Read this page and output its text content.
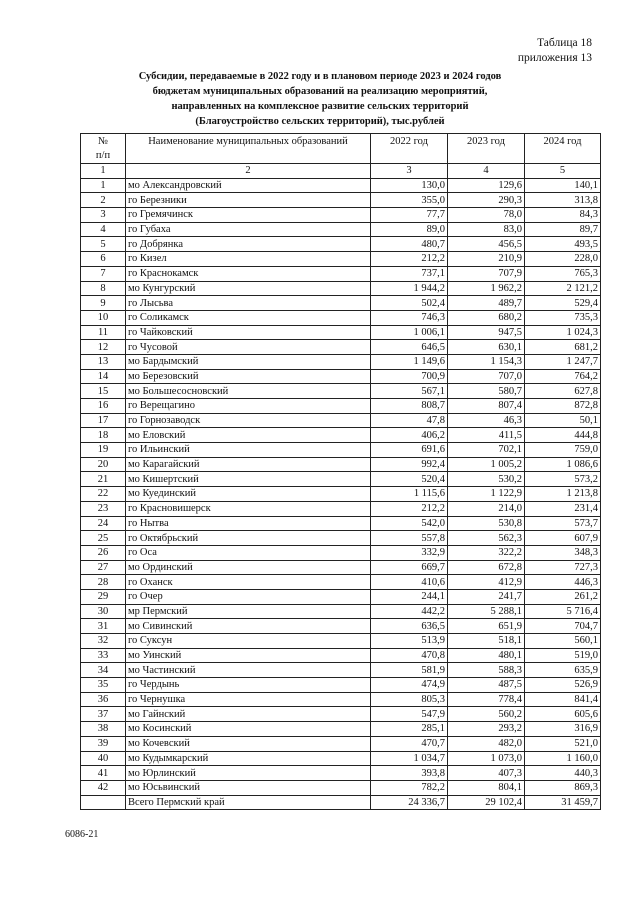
Таблица 18
приложения 13
Субсидии, передаваемые в 2022 году и в плановом периоде 2023 и 2024 годов
бюджетам муниципальных образований на реализацию мероприятий,
направленных на комплексное развитие сельских территорий
(Благоустройство сельских территорий), тыс.рублей
№
п/п	Наименование муниципальных образований	2022 год	2023 год	2024 год
1	2	3	4	5
1	мо Александровский	130,0	129,6	140,1
2	го Березники	355,0	290,3	313,8
3	го Гремячинск	77,7	78,0	84,3
4	го Губаха	89,0	83,0	89,7
5	го Добрянка	480,7	456,5	493,5
6	го Кизел	212,2	210,9	228,0
7	го Краснокамск	737,1	707,9	765,3
8	мо Кунгурский	1 944,2	1 962,2	2 121,2
9	го Лысьва	502,4	489,7	529,4
10	го Соликамск	746,3	680,2	735,3
11	го Чайковский	1 006,1	947,5	1 024,3
12	го Чусовой	646,5	630,1	681,2
13	мо Бардымский	1 149,6	1 154,3	1 247,7
14	мо Березовский	700,9	707,0	764,2
15	мо Большесосновский	567,1	580,7	627,8
16	го Верещагино	808,7	807,4	872,8
17	го Горнозаводск	47,8	46,3	50,1
18	мо Еловский	406,2	411,5	444,8
19	го Ильинский	691,6	702,1	759,0
20	мо Карагайский	992,4	1 005,2	1 086,6
21	мо Кишертский	520,4	530,2	573,2
22	мо Куединский	1 115,6	1 122,9	1 213,8
23	го Красновишерск	212,2	214,0	231,4
24	го Нытва	542,0	530,8	573,7
25	го Октябрьский	557,8	562,3	607,9
26	го Оса	332,9	322,2	348,3
27	мо Ординский	669,7	672,8	727,3
28	го Оханск	410,6	412,9	446,3
29	го Очер	244,1	241,7	261,2
30	мр Пермский	442,2	5 288,1	5 716,4
31	мо Сивинский	636,5	651,9	704,7
32	го Суксун	513,9	518,1	560,1
33	мо Уинский	470,8	480,1	519,0
34	мо Частинский	581,9	588,3	635,9
35	го Чердынь	474,9	487,5	526,9
36	го Чернушка	805,3	778,4	841,4
37	мо Гайнский	547,9	560,2	605,6
38	мо Косинский	285,1	293,2	316,9
39	мо Кочевский	470,7	482,0	521,0
40	мо Кудымкарский	1 034,7	1 073,0	1 160,0
41	мо Юрлинский	393,8	407,3	440,3
42	мо Юсьвинский	782,2	804,1	869,3
	Всего Пермский край	24 336,7	29 102,4	31 459,7
6086-21
